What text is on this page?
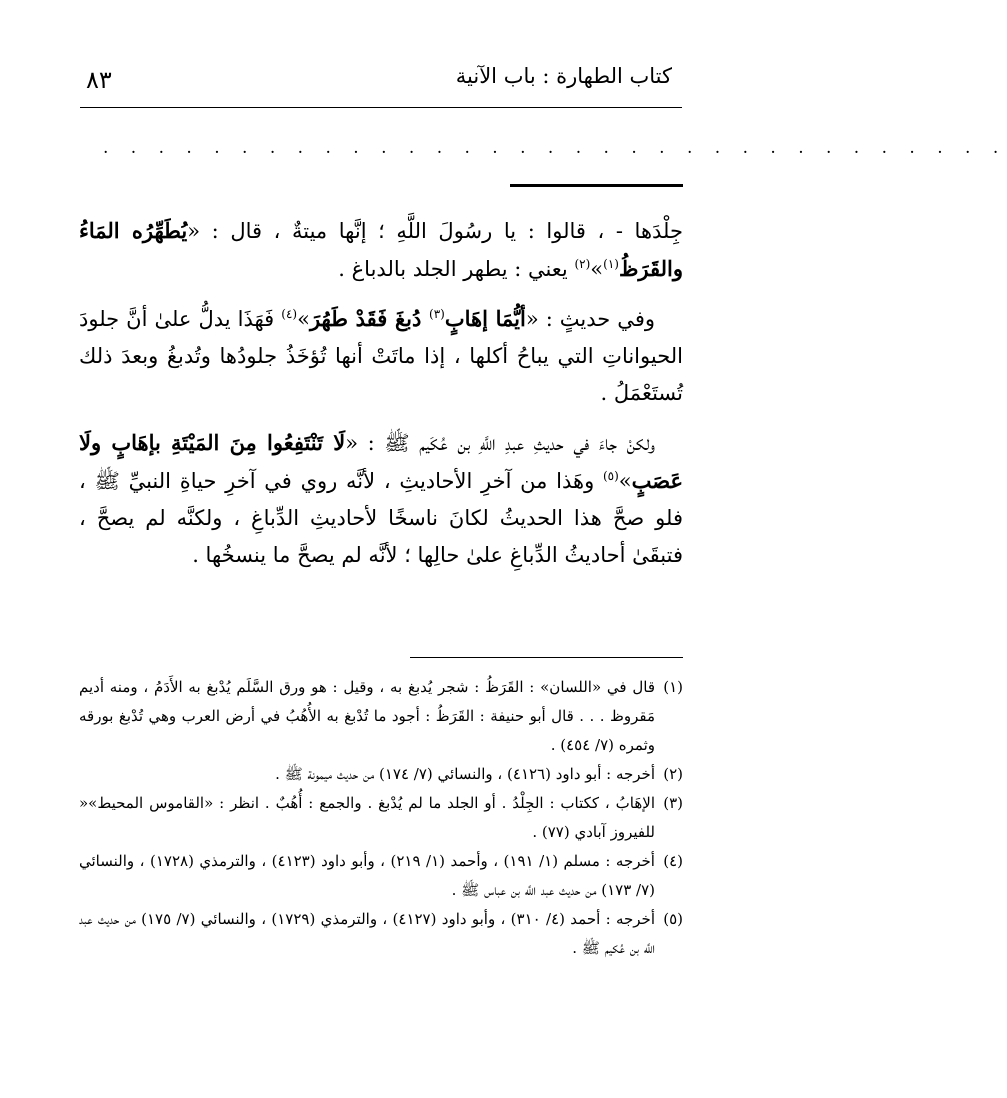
كتاب الطهارة : باب الآنية
٨٣
. . . . . . . . . . . . . . . . . . . . . . . . . . . . . . . . .

جِلْدَها - ، قالوا : يا رسُولَ اللَّهِ ؛ إنَّها ميتةٌ ، قال : «يُطَهِّرُه المَاءُ والقَرَظُ$^{(١)}$»$^{(٢)}$ يعني : يطهر الجلد بالدباغ .

وفي حديثٍ : «أيُّمَا إهَابٍ$^{(٣)}$ دُبغَ فَقَدْ طَهُرَ»$^{(٤)}$ فَهَذَا يدلُّ علىٰ أنَّ جلودَ الحيواناتِ التي يباحُ أكلها ، إذا ماتَتْ أنها تُؤخَذُ جلودُها وتُدبغُ وبعدَ ذلك تُستَعْمَلُ .

ولكنْ جاءَ في حديثِ عبدِ اللَّهِ بن عُكَيم ﷺ : «لَا تَنْتَفِعُوا مِنَ المَيْتَةِ بإهَابٍ ولَا عَصَبٍ»$^{(٥)}$ وهَذا من آخرِ الأحاديثِ ، لأنَّه روي في آخرِ حياةِ النبيِّ ﷺ ، فلو صحَّ هذا الحديثُ لكانَ ناسخًا لأحاديثِ الدِّباغِ ، ولكنَّه لم يصحَّ ، فتبقَىٰ أحاديثُ الدِّباغِ علىٰ حالِها ؛ لأنَّه لم يصحَّ ما ينسخُها .

(١)
قال في «اللسان» : القَرَظُ : شجر يُدبغ به ، وقيل : هو ورق السَّلَم يُدْبغ به الأَدَمُ ، ومنه أديم مَقروظ . . . قال أبو حنيفة : القَرَظُ : أجود ما تُدْبغ به الأُهُبُ في أرض العرب وهي تُدْبغ بورقه وثمره (٧/ ٤٥٤) .
(٢)
أخرجه : أبو داود (٤١٢٦) ، والنسائي (٧/ ١٧٤) من حديث ميمونة ﷺ .
(٣)
الإهَابُ ، ككتاب : الجِلْدُ . أو الجلد ما لم يُدْبغ . والجمع : أُهُبٌ . انظر : «القاموس المحيط»« للفيروز آبادي (٧٧) .
(٤)
أخرجه : مسلم (١/ ١٩١) ، وأحمد (١/ ٢١٩) ، وأبو داود (٤١٢٣) ، والترمذي (١٧٢٨) ، والنسائي (٧/ ١٧٣) من حديث عبد اللَّه بن عباس ﷺ .
(٥)
أخرجه : أحمد (٤/ ٣١٠) ، وأبو داود (٤١٢٧) ، والترمذي (١٧٢٩) ، والنسائي (٧/ ١٧٥) من حديث عبد اللَّه بن عُكيم ﷺ .
